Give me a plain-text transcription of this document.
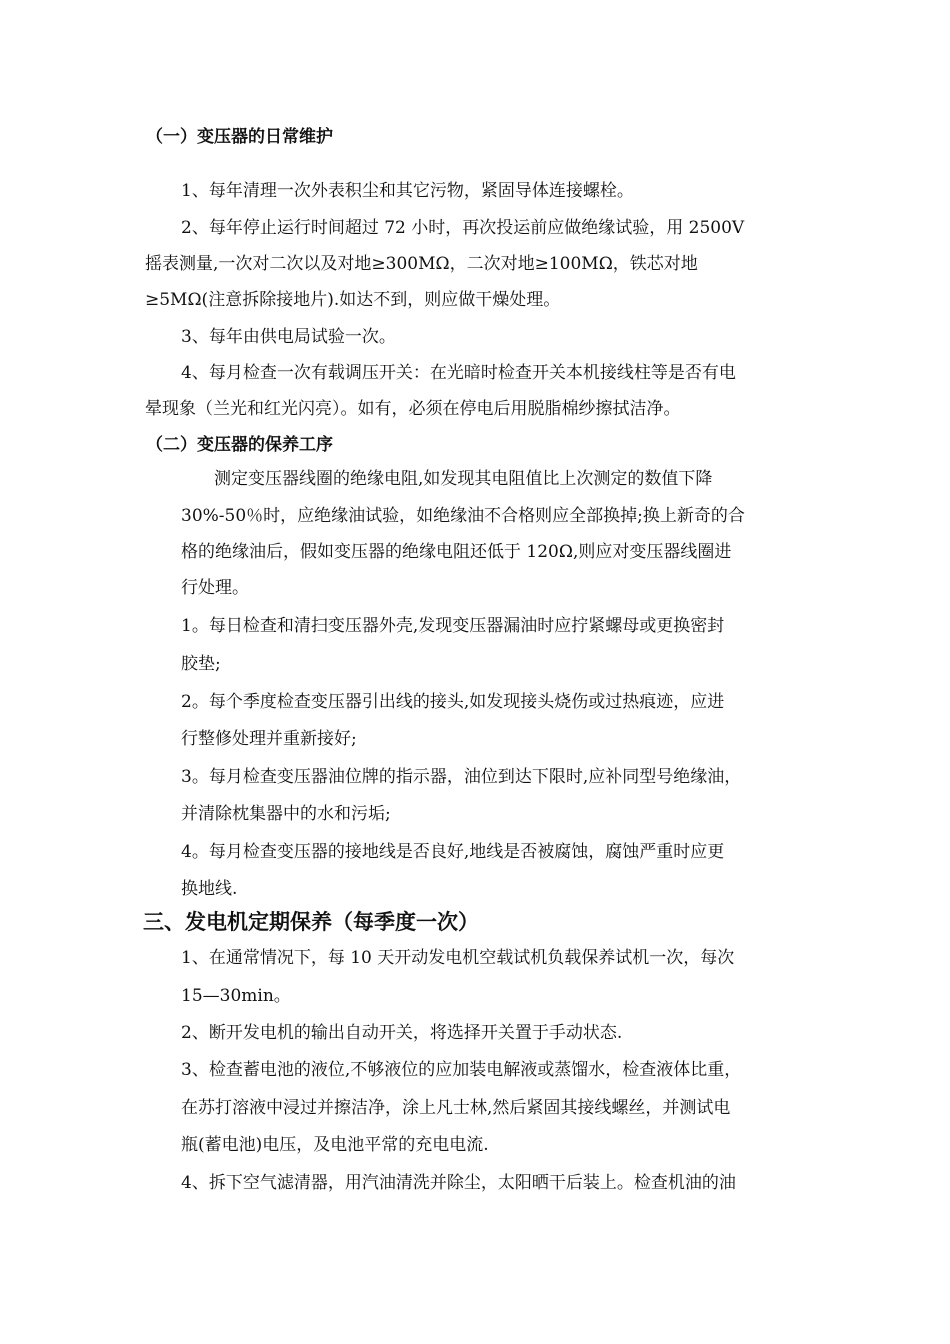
（一）变压器的日常维护
1、每年清理一次外表积尘和其它污物，紧固导体连接螺栓。
2、每年停止运行时间超过 72 小时，再次投运前应做绝缘试验，用 2500V
摇表测量,一次对二次以及对地≥300MΩ，二次对地≥100MΩ，铁芯对地
≥5MΩ(注意拆除接地片).如达不到，则应做干燥处理。
3、每年由供电局试验一次。
4、每月检查一次有载调压开关：在光暗时检查开关本机接线柱等是否有电
晕现象（兰光和红光闪亮）。如有，必须在停电后用脱脂棉纱擦拭洁净。
（二）变压器的保养工序
测定变压器线圈的绝缘电阻,如发现其电阻值比上次测定的数值下降
30%-50％时，应绝缘油试验，如绝缘油不合格则应全部换掉;换上新奇的合
格的绝缘油后，假如变压器的绝缘电阻还低于 120Ω,则应对变压器线圈进
行处理。
1。每日检查和清扫变压器外壳,发现变压器漏油时应拧紧螺母或更换密封
胶垫;
2。每个季度检查变压器引出线的接头,如发现接头烧伤或过热痕迹，应进
行整修处理并重新接好;
3。每月检查变压器油位牌的指示器，油位到达下限时,应补同型号绝缘油，
并清除枕集器中的水和污垢;
4。每月检查变压器的接地线是否良好,地线是否被腐蚀，腐蚀严重时应更
换地线.
三、发电机定期保养（每季度一次）
1、在通常情况下，每 10 天开动发电机空载试机负载保养试机一次，每次
15—30min。
2、断开发电机的输出自动开关，将选择开关置于手动状态.
3、检查蓄电池的液位,不够液位的应加装电解液或蒸馏水，检查液体比重，
在苏打溶液中浸过并擦洁净，涂上凡士林,然后紧固其接线螺丝，并测试电
瓶(蓄电池)电压，及电池平常的充电电流.
4、拆下空气滤清器，用汽油清洗并除尘，太阳晒干后装上。检查机油的油
